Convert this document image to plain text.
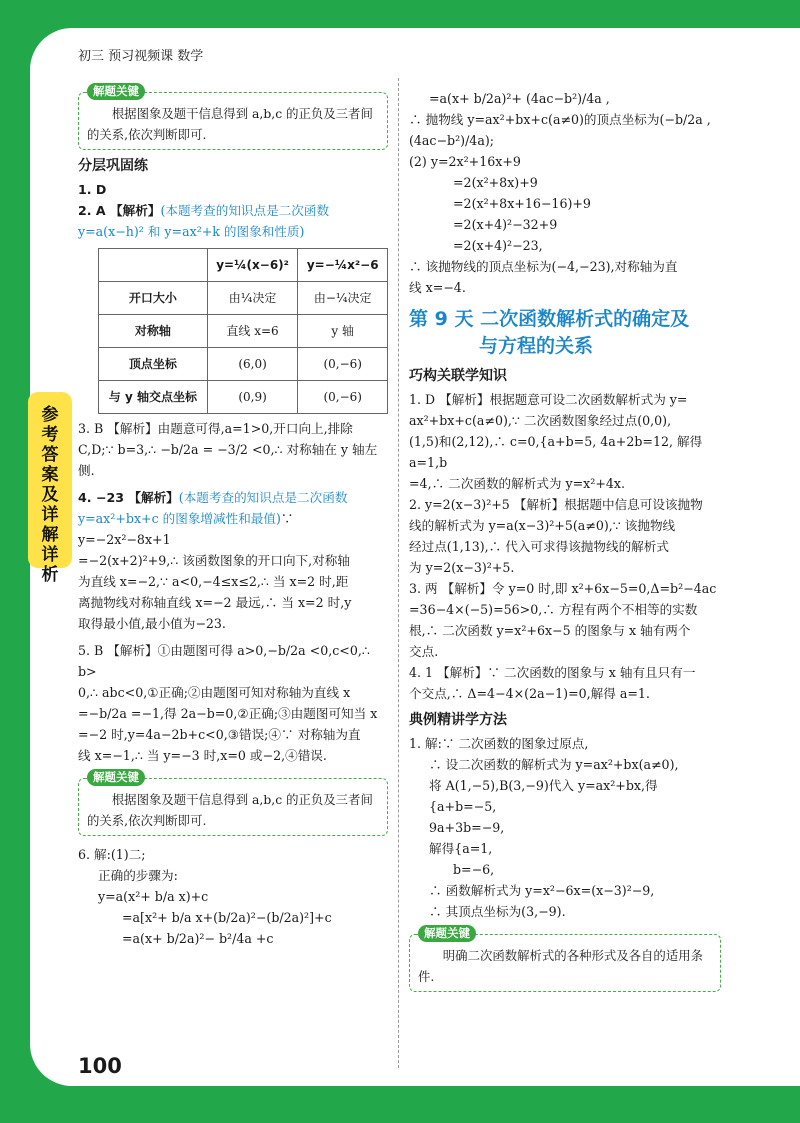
参考答案及详解详析
初三 预习视频课 数学
解题关键
根据图象及题干信息得到 a,b,c 的正负及三者间的关系,依次判断即可.
分层巩固练

1. D

2. A 【解析】(本题考查的知识点是二次函数 y=a(x−h)² 和 y=ax²+k 的图象和性质)

	y=¼(x−6)²	y=−¼x²−6
开口大小	由¼决定	由−¼决定
对称轴	直线 x=6	y 轴
顶点坐标	(6,0)	(0,−6)
与 y 轴交点坐标	(0,9)	(0,−6)

3. B 【解析】由题意可得,a=1>0,开口向上,排除

C,D;∵ b=3,∴ −b/2a = −3/2 <0,∴ 对称轴在 y 轴左

侧.

4. −23 【解析】(本题考查的知识点是二次函数 y=ax²+bx+c 的图象增减性和最值)∵ y=−2x²−8x+1

=−2(x+2)²+9,∴ 该函数图象的开口向下,对称轴

为直线 x=−2,∵ a<0,−4≤x≤2,∴ 当 x=2 时,距

离抛物线对称轴直线 x=−2 最远,∴ 当 x=2 时,y

取得最小值,最小值为−23.

5. B 【解析】①由题图可得 a>0,−b/2a <0,c<0,∴ b>

0,∴ abc<0,①正确;②由题图可知对称轴为直线 x

=−b/2a =−1,得 2a−b=0,②正确;③由题图可知当 x

=−2 时,y=4a−2b+c<0,③错误;④∵ 对称轴为直

线 x=−1,∴ 当 y=−3 时,x=0 或−2,④错误.

解题关键
根据图象及题干信息得到 a,b,c 的正负及三者间的关系,依次判断即可.

6. 解:(1)二;

正确的步骤为:

y=a(x²+ b/a x)+c

=a[x²+ b/a x+(b/2a)²−(b/2a)²]+c

=a(x+ b/2a)²− b²/4a +c

=a(x+ b/2a)²+ (4ac−b²)/4a ,

∴ 抛物线 y=ax²+bx+c(a≠0)的顶点坐标为(−b/2a ,

(4ac−b²)/4a);

(2) y=2x²+16x+9

=2(x²+8x)+9

=2(x²+8x+16−16)+9

=2(x+4)²−32+9

=2(x+4)²−23,

∴ 该抛物线的顶点坐标为(−4,−23),对称轴为直

线 x=−4.

第 9 天 二次函数解析式的确定及
与方程的关系
巧构关联学知识

1. D 【解析】根据题意可设二次函数解析式为 y=

ax²+bx+c(a≠0),∵ 二次函数图象经过点(0,0),

(1,5)和(2,12),∴ c=0,{a+b=5, 4a+2b=12, 解得 a=1,b

=4,∴ 二次函数的解析式为 y=x²+4x.

2. y=2(x−3)²+5 【解析】根据题中信息可设该抛物

线的解析式为 y=a(x−3)²+5(a≠0),∵ 该抛物线

经过点(1,13),∴ 代入可求得该抛物线的解析式

为 y=2(x−3)²+5.

3. 两 【解析】令 y=0 时,即 x²+6x−5=0,Δ=b²−4ac

=36−4×(−5)=56>0,∴ 方程有两个不相等的实数

根,∴ 二次函数 y=x²+6x−5 的图象与 x 轴有两个

交点.

4. 1 【解析】∵ 二次函数的图象与 x 轴有且只有一

个交点,∴ Δ=4−4×(2a−1)=0,解得 a=1.

典例精讲学方法

1. 解:∵ 二次函数的图象过原点,

∴ 设二次函数的解析式为 y=ax²+bx(a≠0),

将 A(1,−5),B(3,−9)代入 y=ax²+bx,得

{a+b=−5,

9a+3b=−9,

解得{a=1,

b=−6,

∴ 函数解析式为 y=x²−6x=(x−3)²−9,

∴ 其顶点坐标为(3,−9).

解题关键
明确二次函数解析式的各种形式及各自的适用条件.
100
